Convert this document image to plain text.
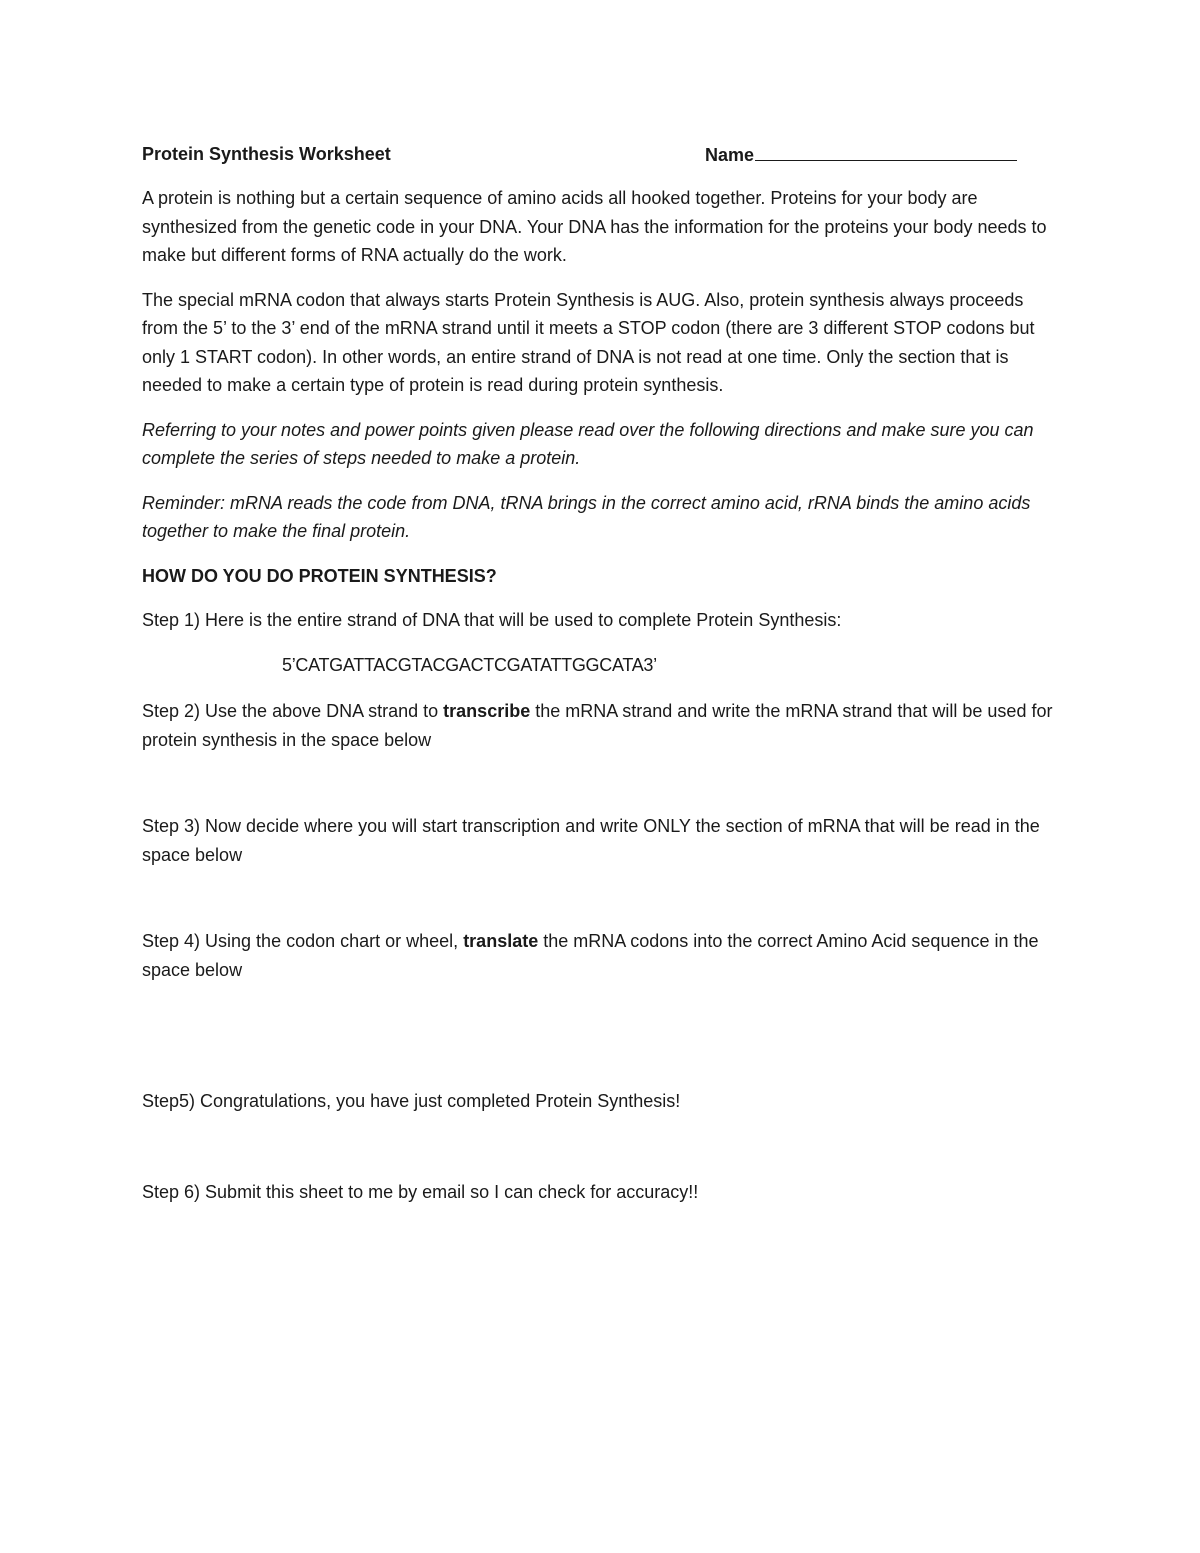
Protein Synthesis Worksheet	Name

A protein is nothing but a certain sequence of amino acids all hooked together. Proteins for your body are synthesized from the genetic code in your DNA. Your DNA has the information for the proteins your body needs to make but different forms of RNA actually do the work.

The special mRNA codon that always starts Protein Synthesis is AUG. Also, protein synthesis always proceeds from the 5’ to the 3’ end of the mRNA strand until it meets a STOP codon (there are 3 different STOP codons but only 1 START codon). In other words, an entire strand of DNA is not read at one time. Only the section that is needed to make a certain type of protein is read during protein synthesis.

Referring to your notes and power points given please read over the following directions and make sure you can complete the series of steps needed to make a protein.

Reminder: mRNA reads the code from DNA, tRNA brings in the correct amino acid, rRNA binds the amino acids together to make the final protein.

HOW DO YOU DO PROTEIN SYNTHESIS?

Step 1) Here is the entire strand of DNA that will be used to complete Protein Synthesis:

5’CATGATTACGTACGACTCGATATTGGCATA3’

Step 2) Use the above DNA strand to transcribe the mRNA strand and write the mRNA strand that will be used for protein synthesis in the space below

Step 3) Now decide where you will start transcription and write ONLY the section of mRNA that will be read in the space below

Step 4) Using the codon chart or wheel, translate the mRNA codons into the correct Amino Acid sequence in the space below

Step5) Congratulations, you have just completed Protein Synthesis!

Step 6) Submit this sheet to me by email so I can check for accuracy!!
